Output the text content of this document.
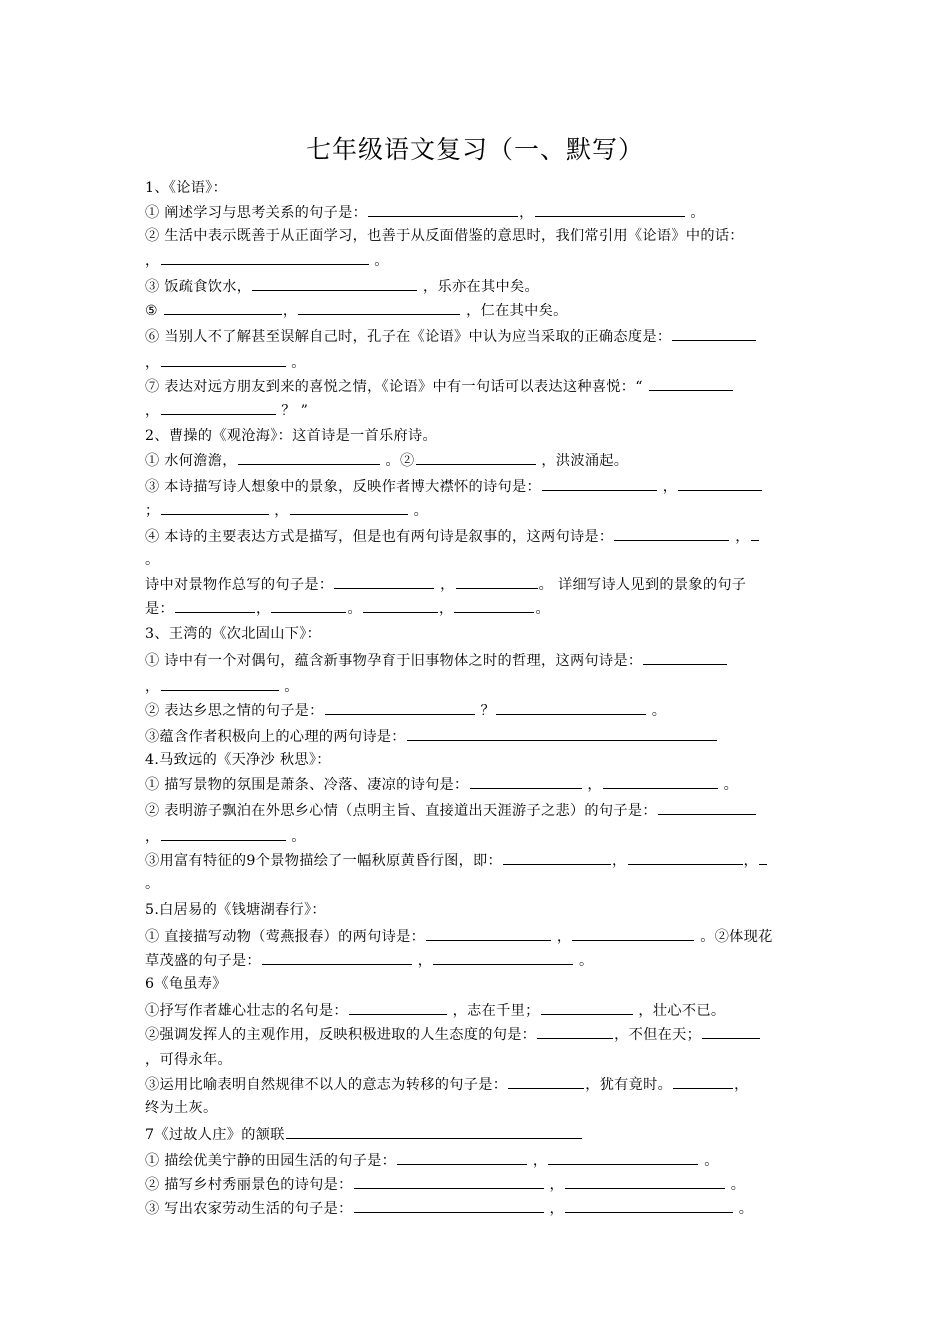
七年级语文复习（一、默写）
1、《论语》：
① 阐述学习与思考关系的句子是：	，	。
② 生活中表示既善于从正面学习，也善于从反面借鉴的意思时，我们常引用《论语》中的话：
，	。
③ 饭疏食饮水，	，乐亦在其中矣。
⑤	，	，仁在其中矣。
⑥ 当别人不了解甚至误解自己时，孔子在《论语》中认为应当采取的正确态度是：
，	。
⑦ 表达对远方朋友到来的喜悦之情，《论语》中有一句话可以表达这种喜悦：“
，	？ ”
2、曹操的《观沧海》：这首诗是一首乐府诗。
① 水何澹澹，	。②	，洪波涌起。
③ 本诗描写诗人想象中的景象，反映作者博大襟怀的诗句是：	，
；	，	。
④ 本诗的主要表达方式是描写，但是也有两句诗是叙事的，这两句诗是：	，
。
诗中对景物作总写的句子是：	，	。 详细写诗人见到的景象的句子
是：	，	。	，	。
3、王湾的《次北固山下》：
① 诗中有一个对偶句，蕴含新事物孕育于旧事物体之时的哲理，这两句诗是：
，	。
② 表达乡思之情的句子是：	？	。
③蕴含作者积极向上的心理的两句诗是：
4.马致远的《天净沙 秋思》：
① 描写景物的氛围是萧条、冷落、凄凉的诗句是：	，	。
② 表明游子飘泊在外思乡心情（点明主旨、直接道出天涯游子之悲）的句子是：
，	。
③用富有特征的9个景物描绘了一幅秋原黄昏行图，即：	，	，
。
5.白居易的《钱塘湖春行》：
① 直接描写动物（莺燕报春）的两句诗是：	，	。②体现花
草茂盛的句子是：	，	。
6《龟虽寿》
①抒写作者雄心壮志的名句是：	，志在千里；	，壮心不已。
②强调发挥人的主观作用，反映积极进取的人生态度的句是：	，不但在天；
，可得永年。
③运用比喻表明自然规律不以人的意志为转移的句子是：	，犹有竟时。	，
终为土灰。
7《过故人庄》的颔联
① 描绘优美宁静的田园生活的句子是：	，	。
② 描写乡村秀丽景色的诗句是：	，	。
③ 写出农家劳动生活的句子是：	，	。
